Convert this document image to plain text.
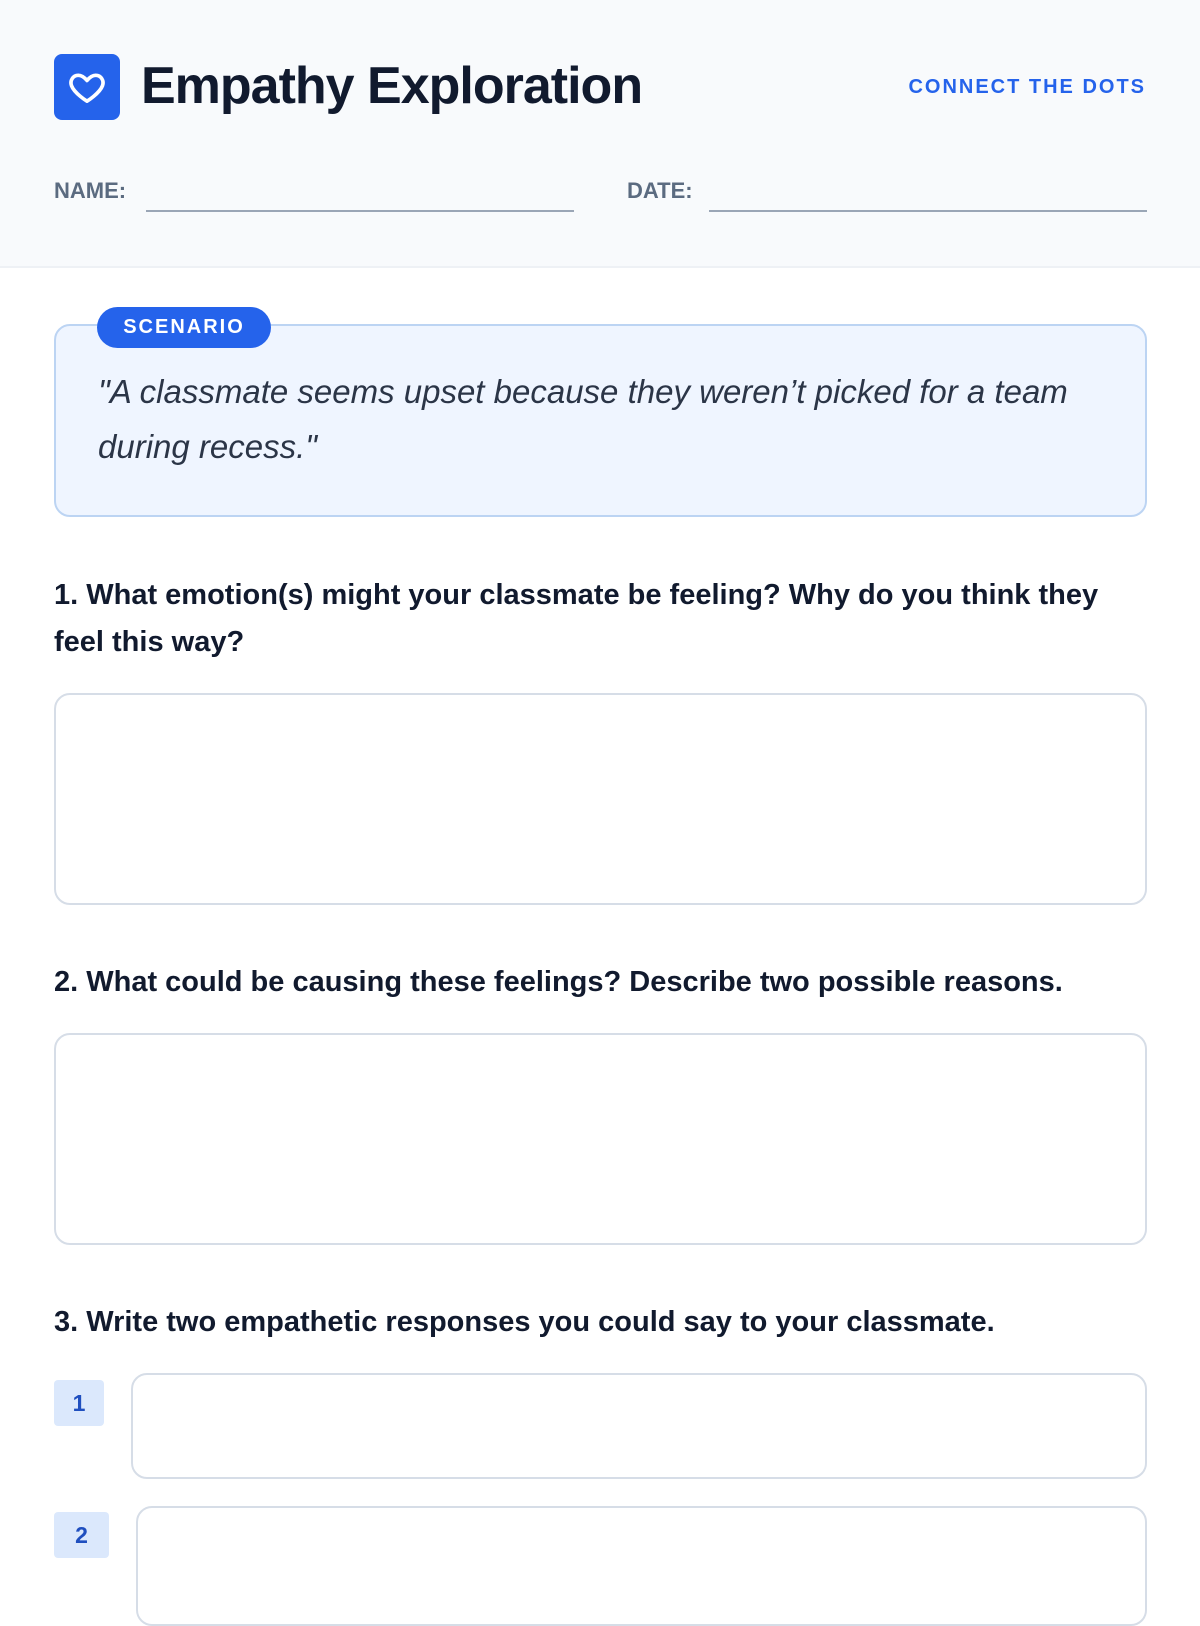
Empathy Exploration	CONNECT THE DOTS
NAME:	DATE:
SCENARIO
"A classmate seems upset because they weren’t picked for a team during recess."
1. What emotion(s) might your classmate be feeling? Why do you think they feel this way?
2. What could be causing these feelings? Describe two possible reasons.
3. Write two empathetic responses you could say to your classmate.
1
2
